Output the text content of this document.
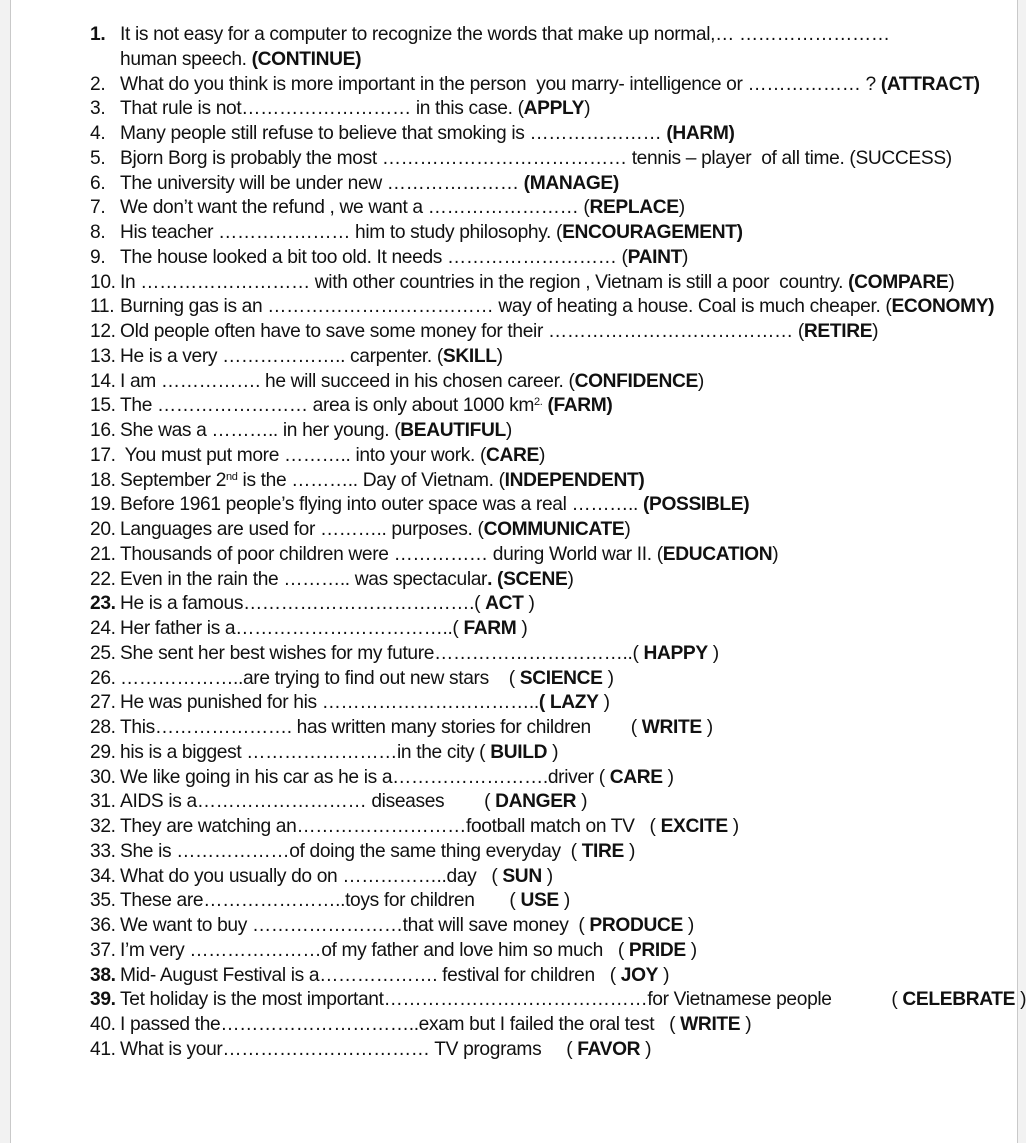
1. It is not easy for a computer to recognize the words that make up normal,… …………………… human speech. (CONTINUE)
2. What do you think is more important in the person  you marry- intelligence or ……………… ? (ATTRACT)
3. That rule is not……………………… in this case. (APPLY)
4. Many people still refuse to believe that smoking is ………………… (HARM)
5. Bjorn Borg is probably the most ………………………………… tennis – player  of all time. (SUCCESS)
6. The university will be under new ………………… (MANAGE)
7. We don’t want the refund , we want a …………………… (REPLACE)
8. His teacher ………………… him to study philosophy. (ENCOURAGEMENT)
9. The house looked a bit too old. It needs ……………………… (PAINT)
10. In ……………………… with other countries in the region , Vietnam is still a poor  country. (COMPARE)
11. Burning gas is an ……………………………… way of heating a house. Coal is much cheaper. (ECONOMY)
12. Old people often have to save some money for their ………………………………… (RETIRE)
13. He is a very ……………….. carpenter. (SKILL)
14. I am ……………. he will succeed in his chosen career. (CONFIDENCE)
15. The …………………… area is only about 1000 $km^{2.}$ (FARM)
16. She was a ……….. in her young. (BEAUTIFUL)
17. You must put more ……….. into your work. (CARE)
18. September 2nd is the ……….. Day of Vietnam. (INDEPENDENT)
19. Before 1961 people’s flying into outer space was a real ……….. (POSSIBLE)
20. Languages are used for ……….. purposes. (COMMUNICATE)
21. Thousands of poor children were …………… during World war II. (EDUCATION)
22. Even in the rain the ……….. was spectacular. (SCENE)
23. He is a famous……………………………….( ACT )
24. Her father is a……………………………..( FARM )
25. She sent her best wishes for my future…………………………..( HAPPY )
26. ………………..are trying to find out new stars    ( SCIENCE )
27. He was punished for his ……………………………..( LAZY )
28. This…………………. has written many stories for children        ( WRITE )
29. his is a biggest ……………………in the city ( BUILD )
30. We like going in his car as he is a…………………….driver ( CARE )
31. AIDS is a……………………… diseases        ( DANGER )
32. They are watching an………………………football match on TV   ( EXCITE )
33. She is ………………of doing the same thing everyday  ( TIRE )
34. What do you usually do on ……………..day   ( SUN )
35. These are…………………..toys for children       ( USE )
36. We want to buy ……………………that will save money  ( PRODUCE )
37. I’m very …………………of my father and love him so much   ( PRIDE )
38. Mid- August Festival is a………………. festival for children   ( JOY )
39. Tet holiday is the most important……………………………………for Vietnamese people            ( CELEBRATE )
40. I passed the…………………………..exam but I failed the oral test   ( WRITE )
41. What is your…………………………… TV programs     ( FAVOR )
